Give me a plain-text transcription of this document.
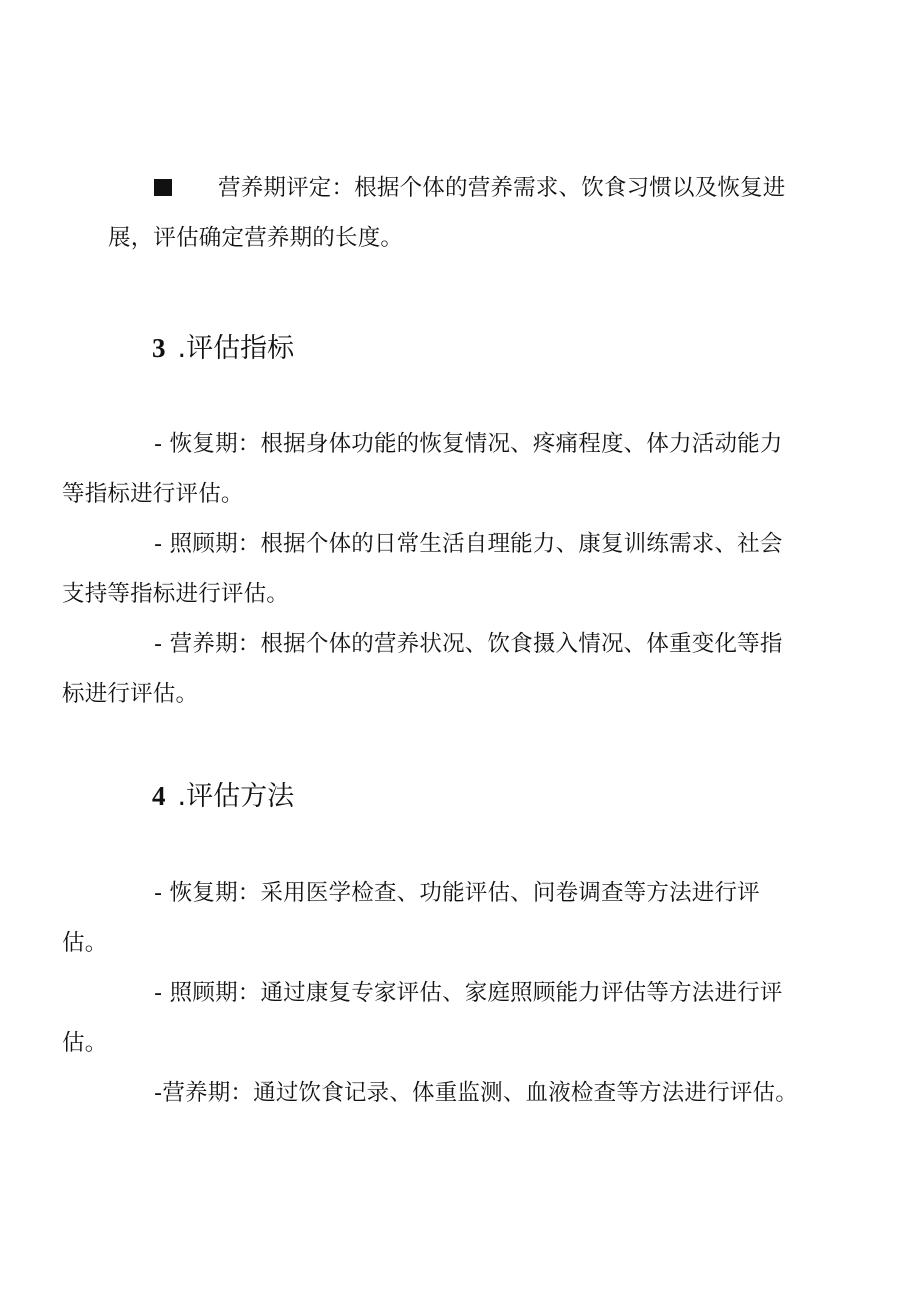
营养期评定：根据个体的营养需求、饮食习惯以及恢复进
展，评估确定营养期的长度。

3 .评估指标

- 恢复期：根据身体功能的恢复情况、疼痛程度、体力活动能力
等指标进行评估。

- 照顾期：根据个体的日常生活自理能力、康复训练需求、社会
支持等指标进行评估。

- 营养期：根据个体的营养状况、饮食摄入情况、体重变化等指
标进行评估。

4 .评估方法

- 恢复期：采用医学检查、功能评估、问卷调查等方法进行评
估。

- 照顾期：通过康复专家评估、家庭照顾能力评估等方法进行评
估。

-营养期：通过饮食记录、体重监测、血液检查等方法进行评估。
